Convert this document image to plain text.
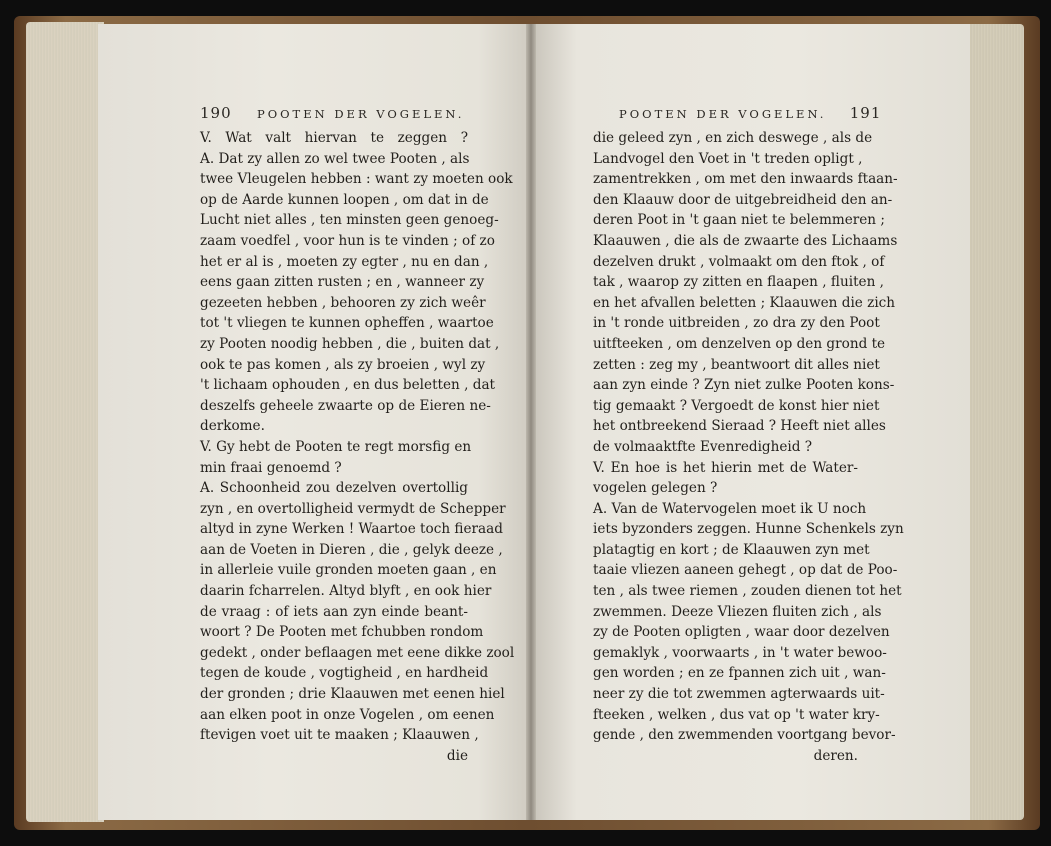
190 POOTEN DER VOGELEN.	POOTEN DER VOGELEN. 191
V. Wat valt hiervan te zeggen ?
A. Dat zy allen zo wel twee Pooten , als
twee Vleugelen hebben : want zy moeten ook
op de Aarde kunnen loopen , om dat in de
Lucht niet alles , ten minsten geen genoeg-
zaam voedfel , voor hun is te vinden ; of zo
het er al is , moeten zy egter , nu en dan ,
eens gaan zitten rusten ; en , wanneer zy
gezeeten hebben , behooren zy zich weêr
tot 't vliegen te kunnen opheffen , waartoe
zy Pooten noodig hebben , die , buiten dat ,
ook te pas komen , als zy broeien , wyl zy
't lichaam ophouden , en dus beletten , dat
deszelfs geheele zwaarte op de Eieren ne-
derkome.
V. Gy hebt de Pooten te regt morsfig en
min fraai genoemd ?
A. Schoonheid zou dezelven overtollig
zyn , en overtolligheid vermydt de Schepper
altyd in zyne Werken ! Waartoe toch fieraad
aan de Voeten in Dieren , die , gelyk deeze ,
in allerleie vuile gronden moeten gaan , en
daarin fcharrelen. Altyd blyft , en ook hier
de vraag : of iets aan zyn einde beant-
woort ? De Pooten met fchubben rondom
gedekt , onder beflaagen met eene dikke zool
tegen de koude , vogtigheid , en hardheid
der gronden ; drie Klaauwen met eenen hiel
aan elken poot in onze Vogelen , om eenen
ftevigen voet uit te maaken ; Klaauwen ,
die
die geleed zyn , en zich deswege , als de
Landvogel den Voet in 't treden opligt ,
zamentrekken , om met den inwaards ftaan-
den Klaauw door de uitgebreidheid den an-
deren Poot in 't gaan niet te belemmeren ;
Klaauwen , die als de zwaarte des Lichaams
dezelven drukt , volmaakt om den ftok , of
tak , waarop zy zitten en flaapen , fluiten ,
en het afvallen beletten ; Klaauwen die zich
in 't ronde uitbreiden , zo dra zy den Poot
uitfteeken , om denzelven op den grond te
zetten : zeg my , beantwoort dit alles niet
aan zyn einde ? Zyn niet zulke Pooten kons-
tig gemaakt ? Vergoedt de konst hier niet
het ontbreekend Sieraad ? Heeft niet alles
de volmaaktfte Evenredigheid ?
V. En hoe is het hierin met de Water-
vogelen gelegen ?
A. Van de Watervogelen moet ik U noch
iets byzonders zeggen. Hunne Schenkels zyn
platagtig en kort ; de Klaauwen zyn met
taaie vliezen aaneen gehegt , op dat de Poo-
ten , als twee riemen , zouden dienen tot het
zwemmen. Deeze Vliezen fluiten zich , als
zy de Pooten opligten , waar door dezelven
gemaklyk , voorwaarts , in 't water bewoo-
gen worden ; en ze fpannen zich uit , wan-
neer zy die tot zwemmen agterwaards uit-
fteeken , welken , dus vat op 't water kry-
gende , den zwemmenden voortgang bevor-
deren.
